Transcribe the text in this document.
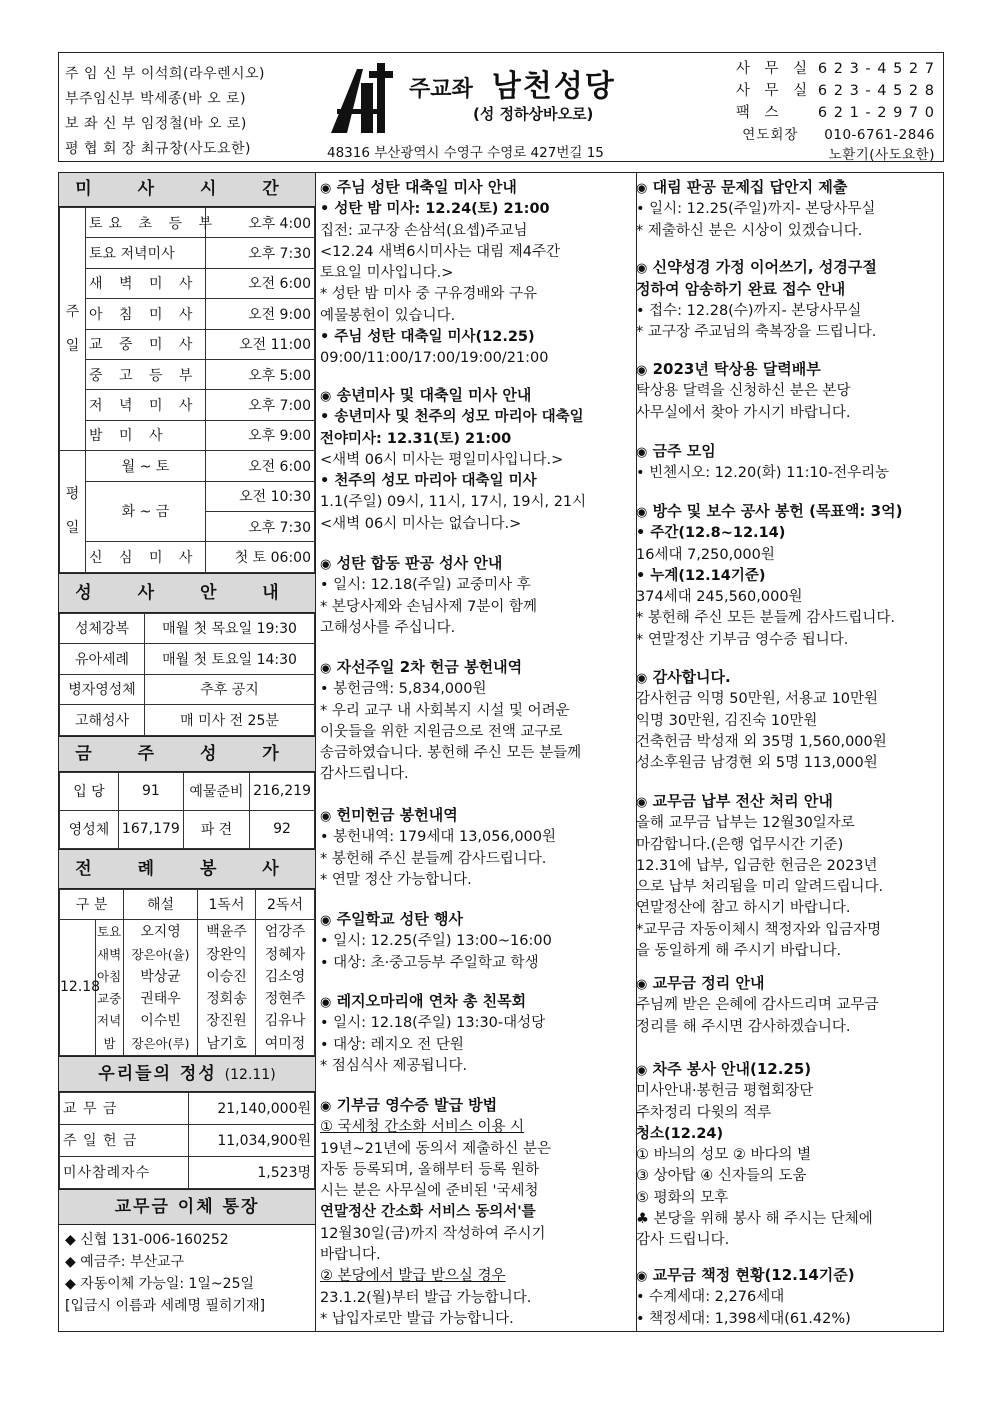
주 임 신 부 이석희(라우렌시오)
부주임신부 박세종(바 오 로)
보 좌 신 부 임정철(바 오 로)
평 협 회 장 최규창(사도요한)
주교좌 남천성당
(성 정하상바오로)
48316 부산광역시 수영구 수영로 427번길 15
사 무 실 6 2 3 - 4 5 2 7
사 무 실 6 2 3 - 4 5 2 8
팩 스 6 2 1 - 2 9 7 0
연도회장 010-6761-2846
노환기(사도요한)
미 사 시 간
주일	토요 초 등 부	오후 4:00
	토요 저녁미사	오후 7:30
	새 벽 미 사	오전 6:00
	아 침 미 사	오전 9:00
	교 중 미 사	오전 11:00
	중 고 등 부	오후 5:00
	저 녁 미 사	오후 7:00
	밤 미 사	오후 9:00
평일	월 ~ 토	오전 6:00
	화 ~ 금	오전 10:30
		오후 7:30
	신 심 미 사	첫 토 06:00
성 사 안 내
성체강복	매월 첫 목요일 19:30
유아세례	매월 첫 토요일 14:30
병자영성체	추후 공지
고해성사	매 미사 전 25분
금 주 성 가
입 당	91	예물준비	216,219
영성체	167,179	파 견	92
전 례 봉 사
구 분		해설	1독서	2독서
12.18	토요	오지영	백윤주	엄강주
	새벽	장은아(율)	장완익	정혜자
	아침	박상균	이승진	김소영
	교중	권태우	정회송	정현주
	저녁	이수빈	장진원	김유나
	밤	장은아(루)	남기호	여미정
우리들의 정성 (12.11)
교 무 금	21,140,000원
주 일 헌 금	11,034,900원
미사참례자수	1,523명
교무금 이체 통장
◆ 신협 131-006-160252
◆ 예금주: 부산교구
◆ 자동이체 가능일: 1일~25일
[입금시 이름과 세례명 필히기재]
◉ 주님 성탄 대축일 미사 안내
• 성탄 밤 미사: 12.24(토) 21:00
집전: 교구장 손삼석(요셉)주교님
<12.24 새벽6시미사는 대림 제4주간
토요일 미사입니다.>
* 성탄 밤 미사 중 구유경배와 구유
예물봉헌이 있습니다.
• 주님 성탄 대축일 미사(12.25)
09:00/11:00/17:00/19:00/21:00
◉ 송년미사 및 대축일 미사 안내
• 송년미사 및 천주의 성모 마리아 대축일
전야미사: 12.31(토) 21:00
<새벽 06시 미사는 평일미사입니다.>
• 천주의 성모 마리아 대축일 미사
1.1(주일) 09시, 11시, 17시, 19시, 21시
<새벽 06시 미사는 없습니다.>
◉ 성탄 합동 판공 성사 안내
• 일시: 12.18(주일) 교중미사 후
* 본당사제와 손님사제 7분이 함께
고해성사를 주십니다.
◉ 자선주일 2차 헌금 봉헌내역
• 봉헌금액: 5,834,000원
* 우리 교구 내 사회복지 시설 및 어려운
이웃들을 위한 지원금으로 전액 교구로
송금하였습니다. 봉헌해 주신 모든 분들께
감사드립니다.
◉ 헌미헌금 봉헌내역
• 봉헌내역: 179세대 13,056,000원
* 봉헌해 주신 분들께 감사드립니다.
* 연말 정산 가능합니다.
◉ 주일학교 성탄 행사
• 일시: 12.25(주일) 13:00~16:00
• 대상: 초·중고등부 주일학교 학생
◉ 레지오마리애 연차 총 친목회
• 일시: 12.18(주일) 13:30-대성당
• 대상: 레지오 전 단원
* 점심식사 제공됩니다.
◉ 기부금 영수증 발급 방법
① 국세청 간소화 서비스 이용 시
19년~21년에 동의서 제출하신 분은
자동 등록되며, 올해부터 등록 원하
시는 분은 사무실에 준비된 '국세청
연말정산 간소화 서비스 동의서'를
12월30일(금)까지 작성하여 주시기
바랍니다.
② 본당에서 발급 받으실 경우
23.1.2(월)부터 발급 가능합니다.
* 납입자로만 발급 가능합니다.
◉ 대림 판공 문제집 답안지 제출
• 일시: 12.25(주일)까지- 본당사무실
* 제출하신 분은 시상이 있겠습니다.
◉ 신약성경 가정 이어쓰기, 성경구절
정하여 암송하기 완료 접수 안내
• 접수: 12.28(수)까지- 본당사무실
* 교구장 주교님의 축복장을 드립니다.
◉ 2023년 탁상용 달력배부
탁상용 달력을 신청하신 분은 본당
사무실에서 찾아 가시기 바랍니다.
◉ 금주 모임
• 빈첸시오: 12.20(화) 11:10-전우리농
◉ 방수 및 보수 공사 봉헌 (목표액: 3억)
• 주간(12.8~12.14)
16세대 7,250,000원
• 누계(12.14기준)
374세대 245,560,000원
* 봉헌해 주신 모든 분들께 감사드립니다.
* 연말정산 기부금 영수증 됩니다.
◉ 감사합니다.
감사헌금 익명 50만원, 서용교 10만원
익명 30만원, 김진숙 10만원
건축헌금 박성재 외 35명 1,560,000원
성소후원금 남경현 외 5명 113,000원
◉ 교무금 납부 전산 처리 안내
올해 교무금 납부는 12월30일자로
마감합니다.(은행 업무시간 기준)
12.31에 납부, 입금한 헌금은 2023년
으로 납부 처리됨을 미리 알려드립니다.
연말정산에 참고 하시기 바랍니다.
*교무금 자동이체시 책정자와 입금자명
을 동일하게 해 주시기 바랍니다.
◉ 교무금 정리 안내
주님께 받은 은혜에 감사드리며 교무금
정리를 해 주시면 감사하겠습니다.
◉ 차주 봉사 안내(12.25)
미사안내·봉헌금 평협회장단
주차정리 다윗의 적루
청소(12.24)
① 바늬의 성모 ② 바다의 별
③ 상아탑 ④ 신자들의 도움
⑤ 평화의 모후
♣ 본당을 위해 봉사 해 주시는 단체에
감사 드립니다.
◉ 교무금 책정 현황(12.14기준)
• 수계세대: 2,276세대
• 책정세대: 1,398세대(61.42%)
